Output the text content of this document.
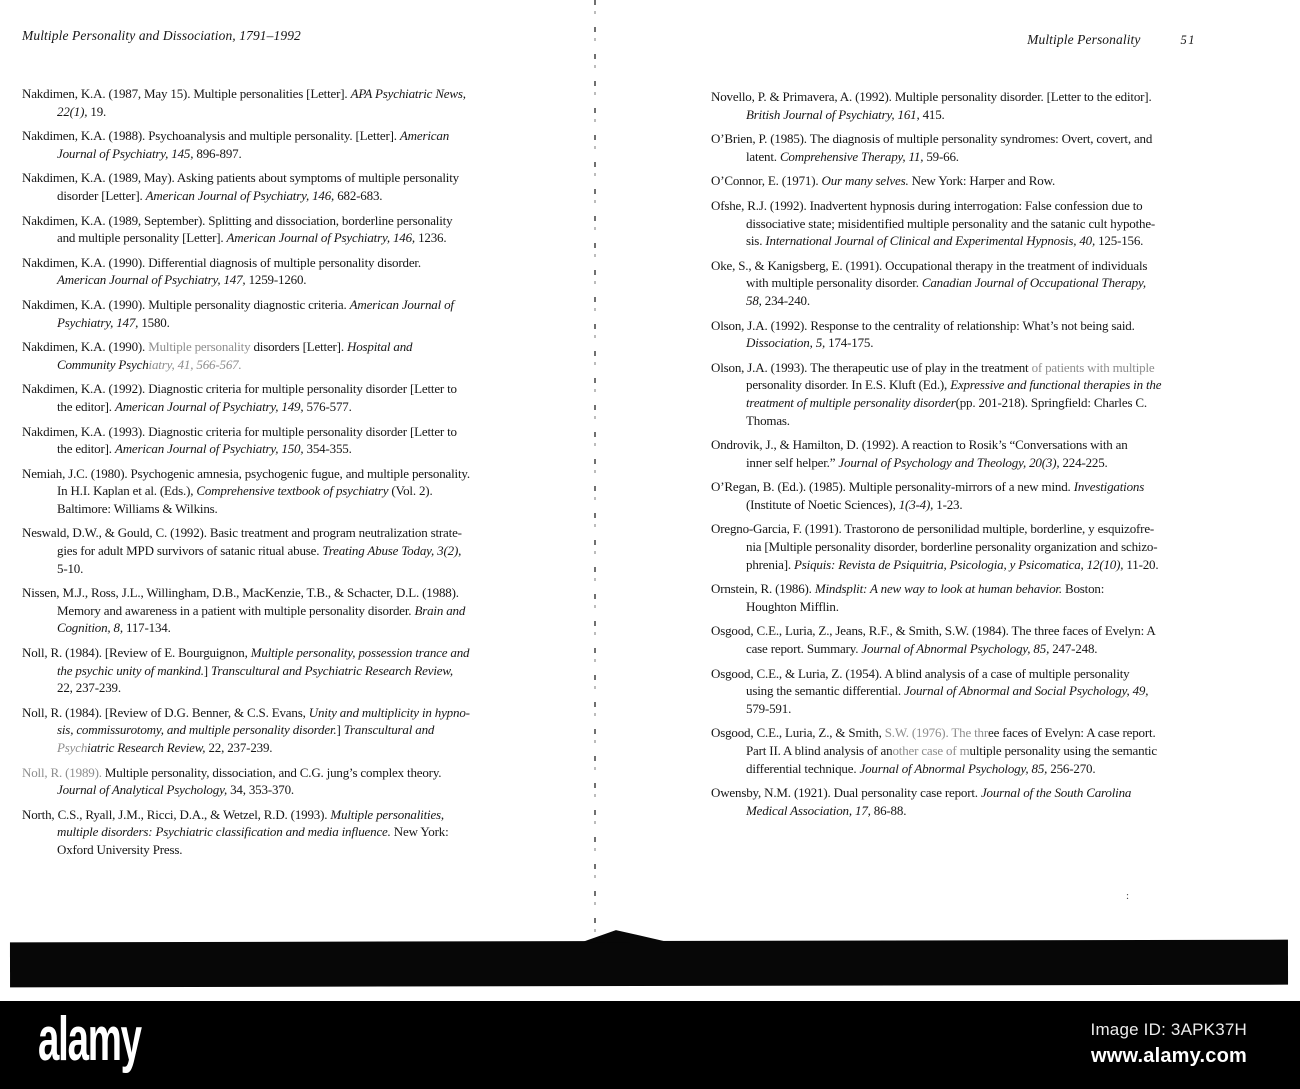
Multiple Personality and Dissociation, 1791–1992	Multiple Personality	51
Nakdimen, K.A. (1987, May 15). Multiple personalities [Letter]. APA Psychiatric News,
22(1), 19.
Nakdimen, K.A. (1988). Psychoanalysis and multiple personality. [Letter]. American
Journal of Psychiatry, 145, 896-897.
Nakdimen, K.A. (1989, May). Asking patients about symptoms of multiple personality
disorder [Letter]. American Journal of Psychiatry, 146, 682-683.
Nakdimen, K.A. (1989, September). Splitting and dissociation, borderline personality
and multiple personality [Letter]. American Journal of Psychiatry, 146, 1236.
Nakdimen, K.A. (1990). Differential diagnosis of multiple personality disorder.
American Journal of Psychiatry, 147, 1259-1260.
Nakdimen, K.A. (1990). Multiple personality diagnostic criteria. American Journal of
Psychiatry, 147, 1580.
Nakdimen, K.A. (1990). Multiple personality disorders [Letter]. Hospital and
Community Psychiatry, 41, 566-567.
Nakdimen, K.A. (1992). Diagnostic criteria for multiple personality disorder [Letter to
the editor]. American Journal of Psychiatry, 149, 576-577.
Nakdimen, K.A. (1993). Diagnostic criteria for multiple personality disorder [Letter to
the editor]. American Journal of Psychiatry, 150, 354-355.
Nemiah, J.C. (1980). Psychogenic amnesia, psychogenic fugue, and multiple personality.
In H.I. Kaplan et al. (Eds.), Comprehensive textbook of psychiatry (Vol. 2).
Baltimore: Williams & Wilkins.
Neswald, D.W., & Gould, C. (1992). Basic treatment and program neutralization strate-
gies for adult MPD survivors of satanic ritual abuse. Treating Abuse Today, 3(2),
5-10.
Nissen, M.J., Ross, J.L., Willingham, D.B., MacKenzie, T.B., & Schacter, D.L. (1988).
Memory and awareness in a patient with multiple personality disorder. Brain and
Cognition, 8, 117-134.
Noll, R. (1984). [Review of E. Bourguignon, Multiple personality, possession trance and
the psychic unity of mankind.] Transcultural and Psychiatric Research Review,
22, 237-239.
Noll, R. (1984). [Review of D.G. Benner, & C.S. Evans, Unity and multiplicity in hypno-
sis, commissurotomy, and multiple personality disorder.] Transcultural and
Psychiatric Research Review, 22, 237-239.
Noll, R. (1989). Multiple personality, dissociation, and C.G. jung’s complex theory.
Journal of Analytical Psychology, 34, 353-370.
North, C.S., Ryall, J.M., Ricci, D.A., & Wetzel, R.D. (1993). Multiple personalities,
multiple disorders: Psychiatric classification and media influence. New York:
Oxford University Press.
Novello, P. & Primavera, A. (1992). Multiple personality disorder. [Letter to the editor].
British Journal of Psychiatry, 161, 415.
O’Brien, P. (1985). The diagnosis of multiple personality syndromes: Overt, covert, and
latent. Comprehensive Therapy, 11, 59-66.
O’Connor, E. (1971). Our many selves. New York: Harper and Row.
Ofshe, R.J. (1992). Inadvertent hypnosis during interrogation: False confession due to
dissociative state; misidentified multiple personality and the satanic cult hypothe-
sis. International Journal of Clinical and Experimental Hypnosis, 40, 125-156.
Oke, S., & Kanigsberg, E. (1991). Occupational therapy in the treatment of individuals
with multiple personality disorder. Canadian Journal of Occupational Therapy,
58, 234-240.
Olson, J.A. (1992). Response to the centrality of relationship: What’s not being said.
Dissociation, 5, 174-175.
Olson, J.A. (1993). The therapeutic use of play in the treatment of patients with multiple
personality disorder. In E.S. Kluft (Ed.), Expressive and functional therapies in the
treatment of multiple personality disorder(pp. 201-218). Springfield: Charles C.
Thomas.
Ondrovik, J., & Hamilton, D. (1992). A reaction to Rosik’s “Conversations with an
inner self helper.” Journal of Psychology and Theology, 20(3), 224-225.
O’Regan, B. (Ed.). (1985). Multiple personality-mirrors of a new mind. Investigations
(Institute of Noetic Sciences), 1(3-4), 1-23.
Oregno-Garcia, F. (1991). Trastorono de personilidad multiple, borderline, y esquizofre-
nia [Multiple personality disorder, borderline personality organization and schizo-
phrenia]. Psiquis: Revista de Psiquitria, Psicologia, y Psicomatica, 12(10), 11-20.
Ornstein, R. (1986). Mindsplit: A new way to look at human behavior. Boston:
Houghton Mifflin.
Osgood, C.E., Luria, Z., Jeans, R.F., & Smith, S.W. (1984). The three faces of Evelyn: A
case report. Summary. Journal of Abnormal Psychology, 85, 247-248.
Osgood, C.E., & Luria, Z. (1954). A blind analysis of a case of multiple personality
using the semantic differential. Journal of Abnormal and Social Psychology, 49,
579-591.
Osgood, C.E., Luria, Z., & Smith, S.W. (1976). The three faces of Evelyn: A case report.
Part II. A blind analysis of another case of multiple personality using the semantic
differential technique. Journal of Abnormal Psychology, 85, 256-270.
Owensby, N.M. (1921). Dual personality case report. Journal of the South Carolina
Medical Association, 17, 86-88.
:
alamy	Image ID: 3APK37H
www.alamy.com
